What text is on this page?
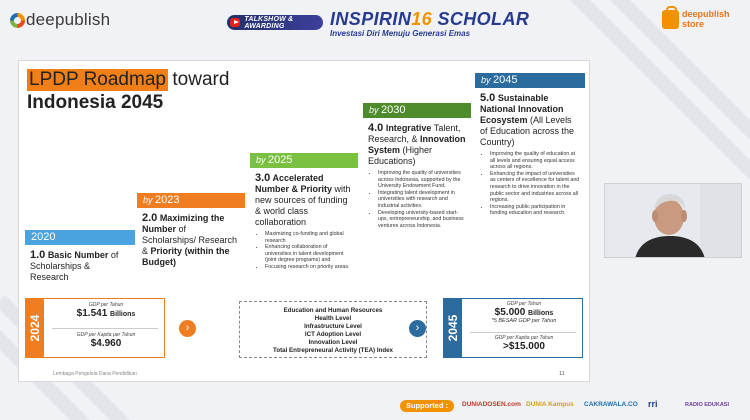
deepublish	TALKSHOW & AWARDING	INSPIRIN16 SCHOLAR
Investasi Diri Menuju Generasi Emas
deepublish
store
LPDP Roadmap toward
Indonesia 2045
2020
1.0 Basic Number of Scholarships & Research
by 2023
2.0 Maximizing the Number of Scholarships/ Research & Priority (within the Budget)
by 2025
3.0 Accelerated Number & Priority with new sources of funding & world class collaboration
• Maximizing co-funding and global research
• Enhancing collaboration of universities in talent development (joint degree programs) and
• Focusing research on priority areas.
by 2030
4.0 Integrative Talent, Research, & Innovation System (Higher Educations)
• Improving the quality of universities across Indonesia, supported by the University Endowment Fund.
• Integrating talent development in universities with research and industrial activities.
• Developing university-based start-ups, entrepreneurship, and business ventures across Indonesia.
by 2045
5.0 Sustainable National Innovation Ecosystem (All Levels of Education across the Country)
• Improving the quality of education at all levels and ensuring equal access across all regions.
• Enhancing the impact of universities as centers of excellence for talent and research to drive innovation in the public sector and industries across all regions.
• Increasing public participation in funding education and research.
2024
GDP per Tahun
$1.541 Billions
GDP per Kapita per Tahun
$4.960
›
Education and Human Resources
Health Level
Infrastructure Level
ICT Adoption Level
Innovation Level
Total Entrepreneural Activity (TEA) Index
›	2045
GDP per Tahun
$5.000 Billions
*5 BESAR GDP per Tahun
GDP per Kapita per Tahun
>$15.000
Lembaga Pengelola Dana Pendidikan	11
Supported :	DUNIADOSEN.com DUNIA Kampus CAKRAWALA.CO rri	RADIO EDUKASI
